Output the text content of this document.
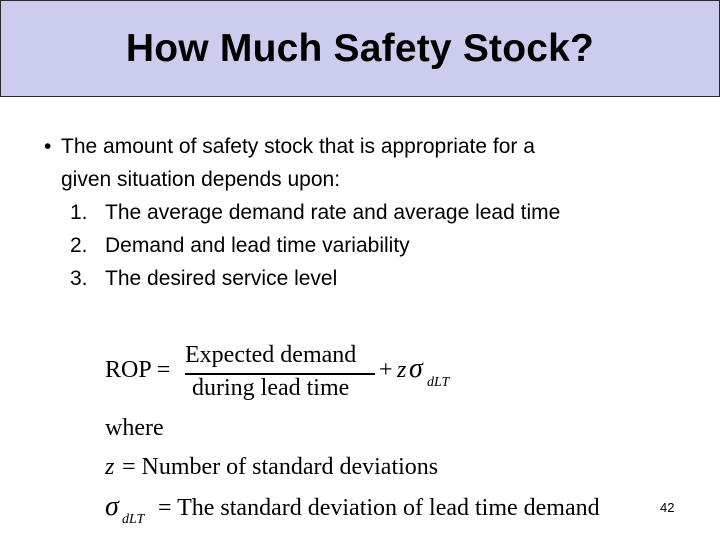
How Much Safety Stock?
• The amount of safety stock that is appropriate for a
given situation depends upon:
1. The average demand rate and average lead time
2. Demand and lead time variability
3. The desired service level
ROP =
Expected demand
during lead time
+ z σ dLT
where
z = Number of standard deviations
σ dLT = The standard deviation of lead time demand	42
